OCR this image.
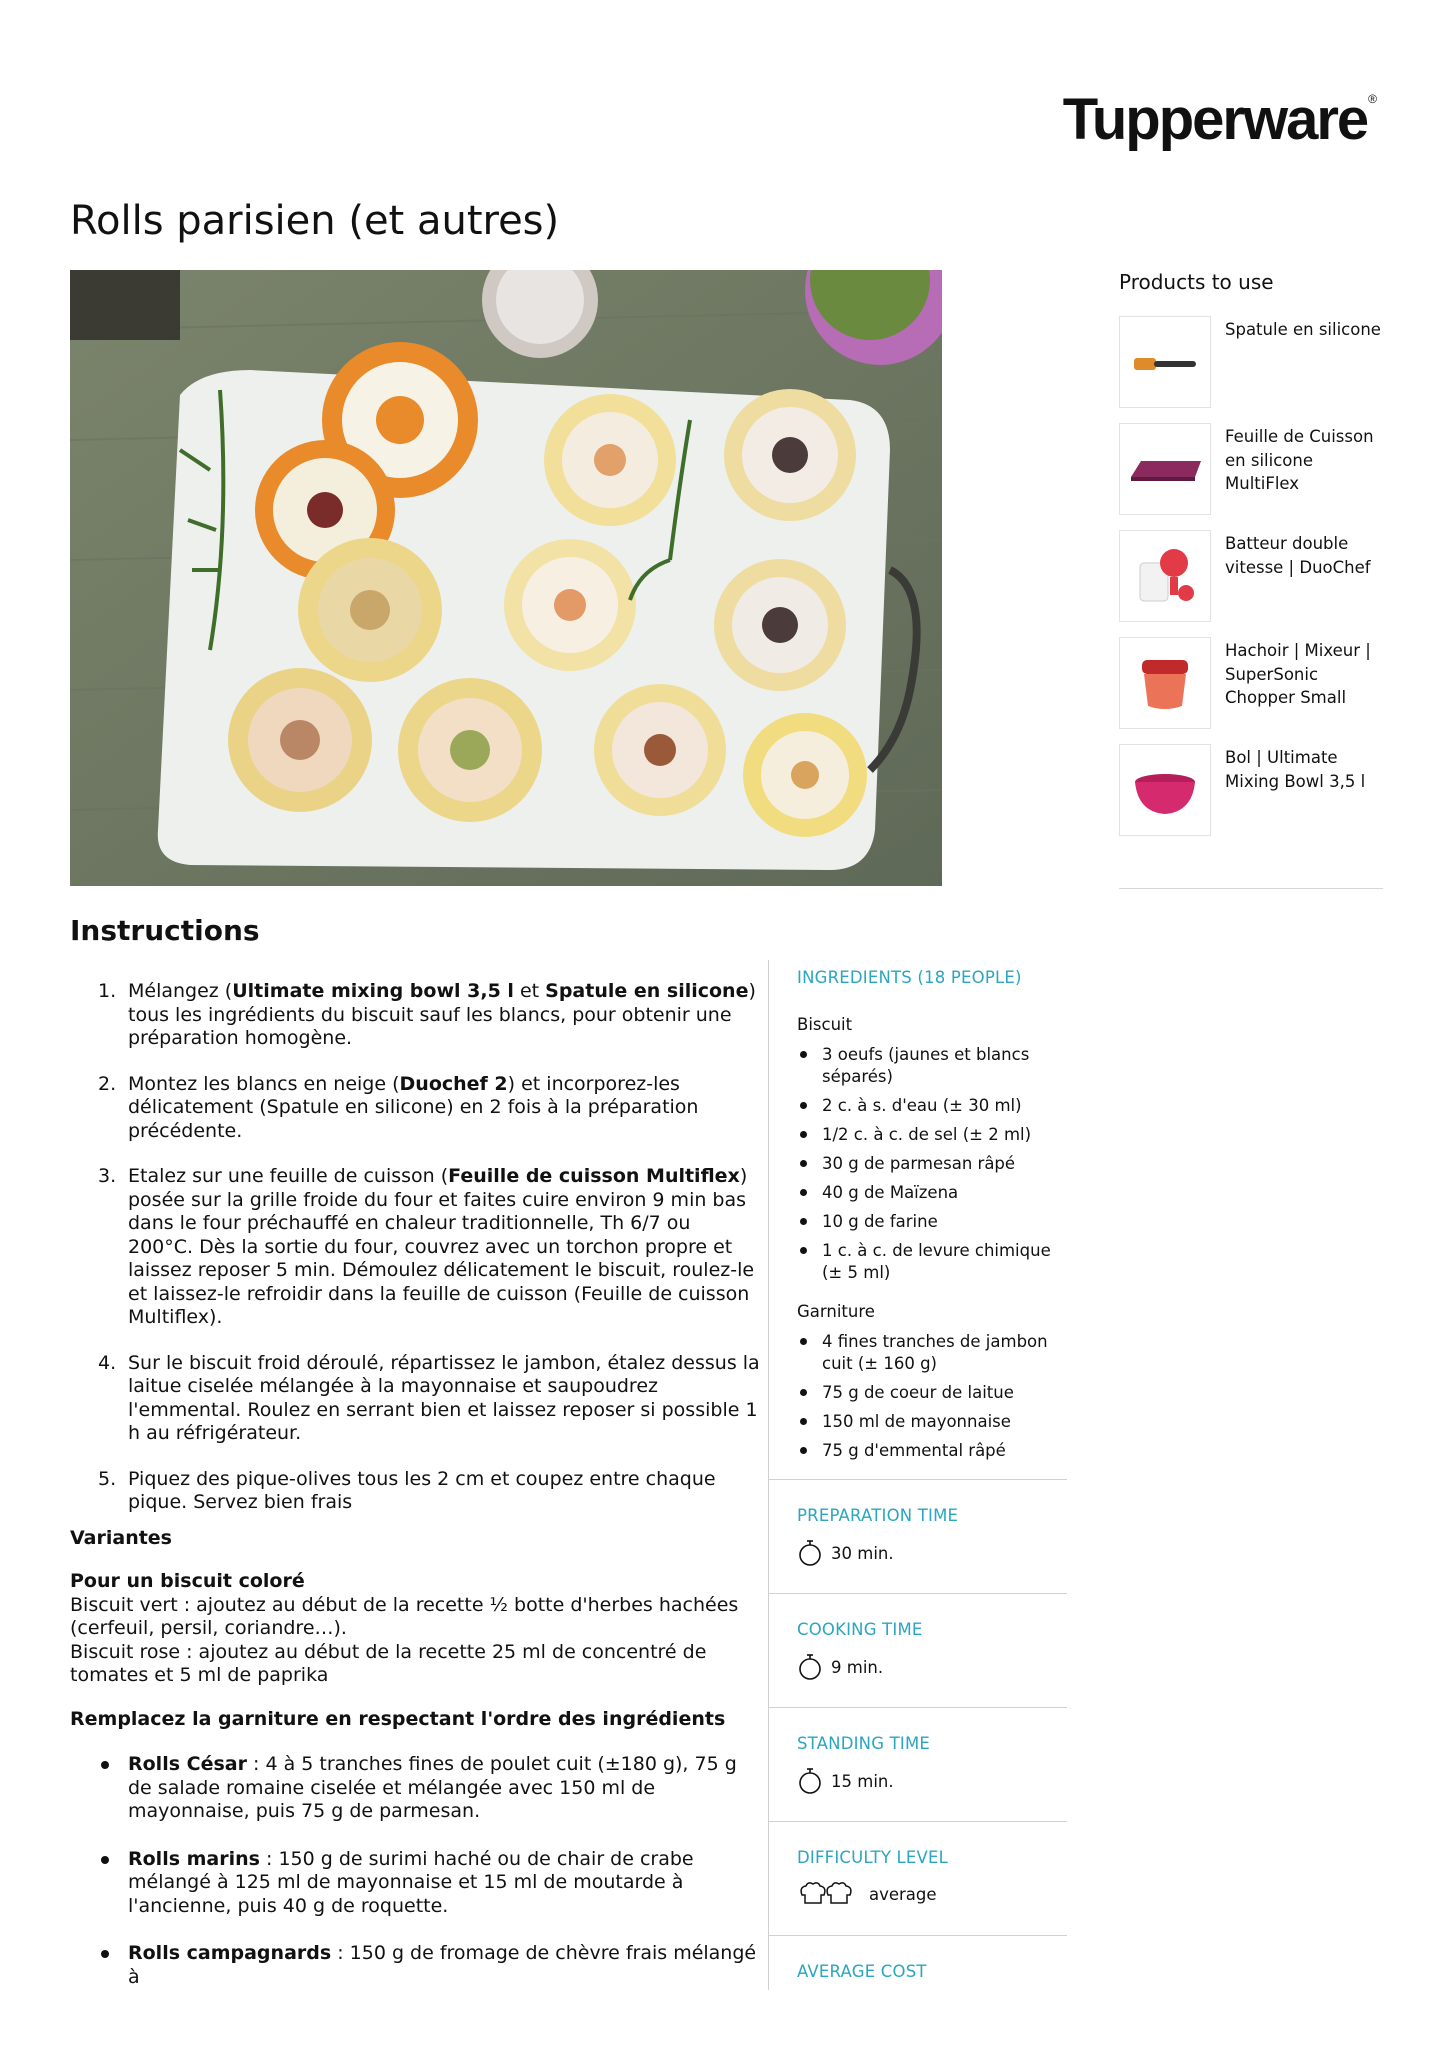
Tupperware®
Rolls parisien (et autres)
Products to use
Spatule en silicone
Feuille de Cuisson en silicone MultiFlex
Batteur double vitesse | DuoChef
Hachoir | Mixeur | SuperSonic Chopper Small
Bol | Ultimate Mixing Bowl 3,5 l
Instructions
1. Mélangez (Ultimate mixing bowl 3,5 l et Spatule en silicone) tous les ingrédients du biscuit sauf les blancs, pour obtenir une préparation homogène.
2. Montez les blancs en neige (Duochef 2) et incorporez-les délicatement (Spatule en silicone) en 2 fois à la préparation précédente.
3. Etalez sur une feuille de cuisson (Feuille de cuisson Multiflex) posée sur la grille froide du four et faites cuire environ 9 min bas dans le four préchauffé en chaleur traditionnelle, Th 6/7 ou 200°C. Dès la sortie du four, couvrez avec un torchon propre et laissez reposer 5 min. Démoulez délicatement le biscuit, roulez-le et laissez-le refroidir dans la feuille de cuisson (Feuille de cuisson Multiflex).
4. Sur le biscuit froid déroulé, répartissez le jambon, étalez dessus la laitue ciselée mélangée à la mayonnaise et saupoudrez l'emmental. Roulez en serrant bien et laissez reposer si possible 1 h au réfrigérateur.
5. Piquez des pique-olives tous les 2 cm et coupez entre chaque pique. Servez bien frais
Variantes
Pour un biscuit coloré
Biscuit vert : ajoutez au début de la recette ½ botte d'herbes hachées (cerfeuil, persil, coriandre…).
Biscuit rose : ajoutez au début de la recette 25 ml de concentré de tomates et 5 ml de paprika
Remplacez la garniture en respectant l'ordre des ingrédients
Rolls César : 4 à 5 tranches fines de poulet cuit (±180 g), 75 g de salade romaine ciselée et mélangée avec 150 ml de mayonnaise, puis 75 g de parmesan.
Rolls marins : 150 g de surimi haché ou de chair de crabe mélangé à 125 ml de mayonnaise et 15 ml de moutarde à l'ancienne, puis 40 g de roquette.
Rolls campagnards : 150 g de fromage de chèvre frais mélangé à
INGREDIENTS (18 PEOPLE)
Biscuit
3 oeufs (jaunes et blancs séparés)
2 c. à s. d'eau (± 30 ml)
1/2 c. à c. de sel (± 2 ml)
30 g de parmesan râpé
40 g de Maïzena
10 g de farine
1 c. à c. de levure chimique (± 5 ml)
Garniture
4 fines tranches de jambon cuit (± 160 g)
75 g de coeur de laitue
150 ml de mayonnaise
75 g d'emmental râpé
PREPARATION TIME
30 min.
COOKING TIME
9 min.
STANDING TIME
15 min.
DIFFICULTY LEVEL
average
AVERAGE COST
